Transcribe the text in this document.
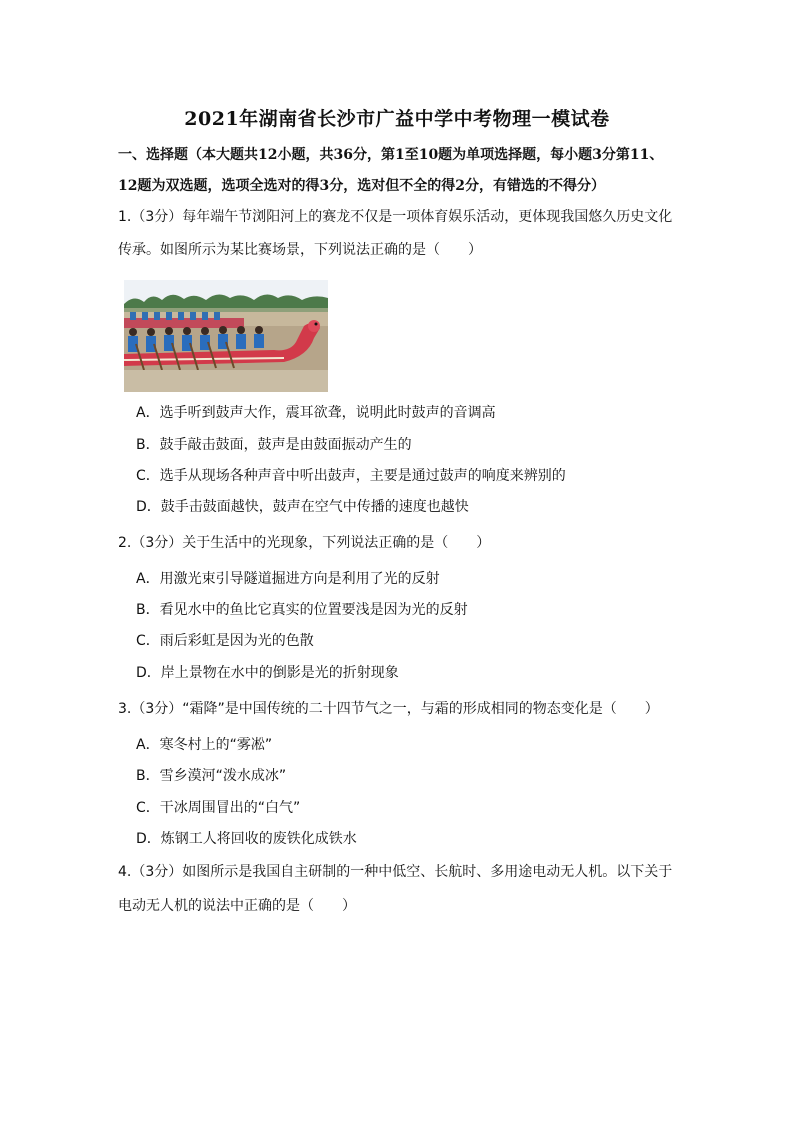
2021年湖南省长沙市广益中学中考物理一模试卷
一、选择题（本大题共12小题，共36分，第1至10题为单项选择题，每小题3分第11、
12题为双选题，选项全选对的得3分，选对但不全的得2分，有错选的不得分）
1.（3分）每年端午节浏阳河上的赛龙不仅是一项体育娱乐活动，更体现我国悠久历史文化
传承。如图所示为某比赛场景，下列说法正确的是（　　）
A．选手听到鼓声大作，震耳欲聋，说明此时鼓声的音调高
B．鼓手敲击鼓面，鼓声是由鼓面振动产生的
C．选手从现场各种声音中听出鼓声，主要是通过鼓声的响度来辨别的
D．鼓手击鼓面越快，鼓声在空气中传播的速度也越快
2.（3分）关于生活中的光现象，下列说法正确的是（　　）
A．用激光束引导隧道掘进方向是利用了光的反射
B．看见水中的鱼比它真实的位置要浅是因为光的反射
C．雨后彩虹是因为光的色散
D．岸上景物在水中的倒影是光的折射现象
3.（3分）“霜降”是中国传统的二十四节气之一，与霜的形成相同的物态变化是（　　）
A．寒冬村上的“雾凇”
B．雪乡漠河“泼水成冰”
C．干冰周围冒出的“白气”
D．炼钢工人将回收的废铁化成铁水
4.（3分）如图所示是我国自主研制的一种中低空、长航时、多用途电动无人机。以下关于
电动无人机的说法中正确的是（　　）
